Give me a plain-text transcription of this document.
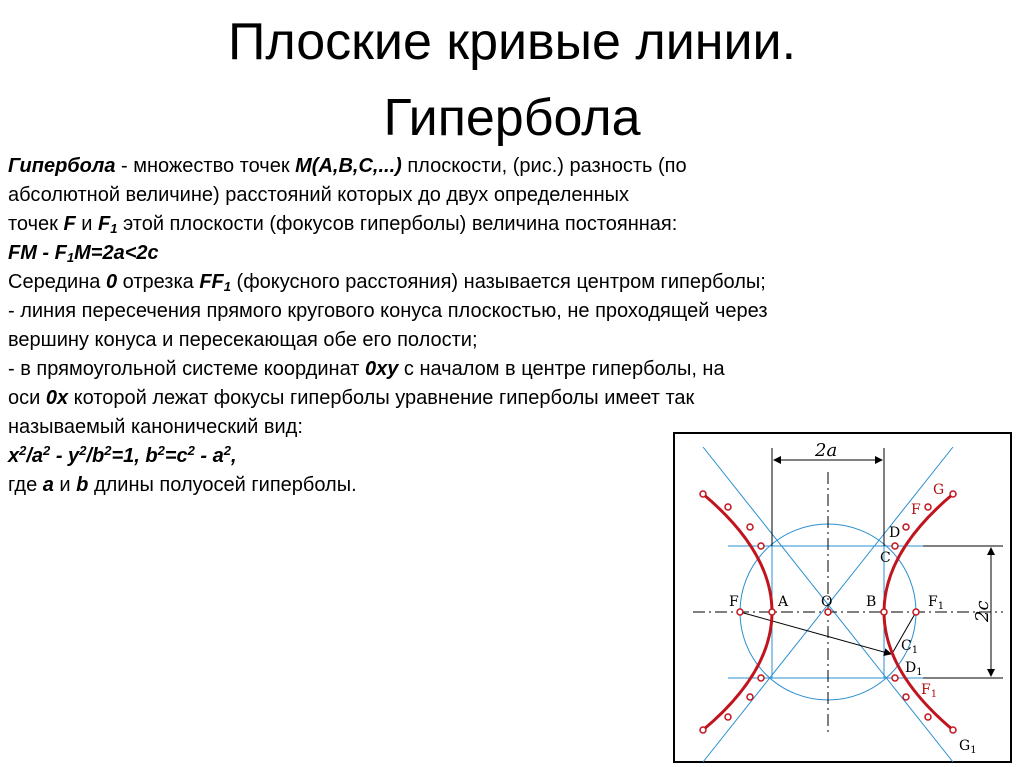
Плоские кривые линии.
Гипербола
Гипербола - множество точек M(A,B,C,...) плоскости, (рис.) разность (по
абсолютной величине) расстояний которых до двух определенных
точек F и $F_1$ этой плоскости (фокусов гиперболы) величина постоянная:
FM - $F_1M=2a<2c$
Середина 0 отрезка $FF_1$ (фокусного расстояния) называется центром гиперболы;
- линия пересечения прямого кругового конуса плоскостью, не проходящей через
вершину конуса и пересекающая обе его полости;
- в прямоугольной системе координат 0xy с началом в центре гиперболы, на
оси 0x которой лежат фокусы гиперболы уравнение гиперболы имеет так
называемый канонический вид:
$x^2/a^2 - y^2/b^2=1$, $b^2=c^2 - a^2$,
где a и b длины полуосей гиперболы.
2a
2c
F	A O B	$F_1$
D
F
G
C
$C_1$
$D_1$
$F_1$
$G_1$
